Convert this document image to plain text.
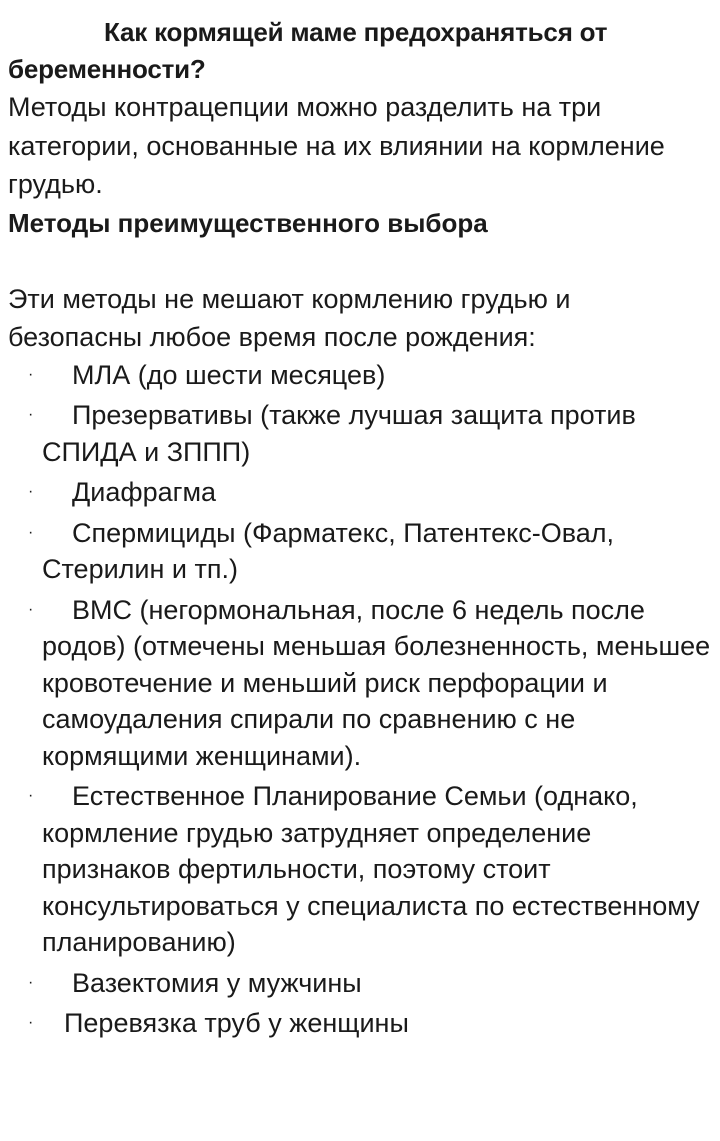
Как кормящей маме предохраняться от беременности?

Методы контрацепции можно разделить на три категории, основанные на их влиянии на кормление грудью.

Методы преимущественного выбора

Эти методы не мешают кормлению грудью и безопасны любое время после рождения:

·	МЛА (до шести месяцев)
·	Презервативы (также лучшая защита против СПИДА и ЗППП)
·	Диафрагма
·	Спермициды (Фарматекс, Патентекс-Овал, Стерилин и тп.)
·	ВМС (негормональная, после 6 недель после родов) (отмечены меньшая болезненность, меньшее кровотечение и меньший риск перфорации и самоудаления спирали по сравнению с не кормящими женщинами).
·	Естественное Планирование Семьи (однако, кормление грудью затрудняет определение признаков фертильности, поэтому стоит консультироваться у специалиста по естественному планированию)
·	Вазектомия у мужчины
·	Перевязка труб у женщины
